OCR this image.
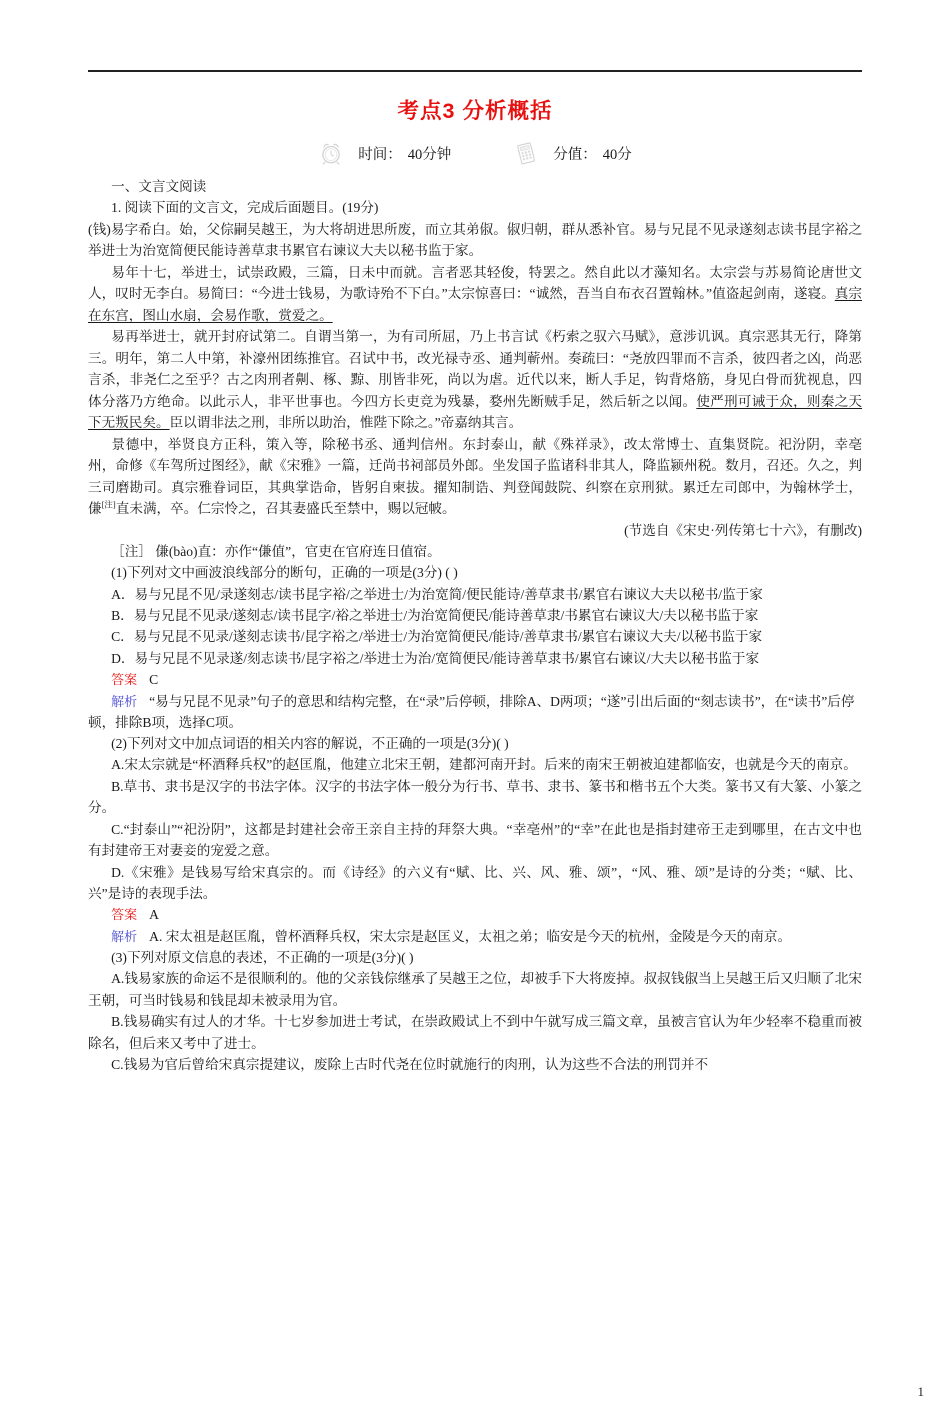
考点3 分析概括
时间： 40分钟	分值： 40分

一、文言文阅读

1. 阅读下面的文言文，完成后面题目。(19分)

(钱)易字希白。始，父倧嗣吴越王，为大将胡进思所废，而立其弟俶。俶归朝，群从悉补官。易与兄昆不见录遂刻志读书昆字裕之举进士为治宽简便民能诗善草隶书累官右谏议大夫以秘书监于家。

易年十七，举进士，试崇政殿，三篇，日未中而就。言者恶其轻俊，特罢之。然自此以才藻知名。太宗尝与苏易简论唐世文人，叹时无李白。易简曰：“今进士钱易，为歌诗殆不下白。”太宗惊喜曰：“诚然，吾当自布衣召置翰林。”值盗起剑南，遂寝。真宗在东宫，图山水扇，会易作歌，赏爱之。

易再举进士，就开封府试第二。自谓当第一，为有司所屈，乃上书言试《朽索之驭六马赋》，意涉讥讽。真宗恶其无行，降第三。明年，第二人中第，补濠州团练推官。召试中书，改光禄寺丞、通判蕲州。奏疏曰：“尧放四罪而不言杀，彼四者之凶，尚恶言杀，非尧仁之至乎？古之肉刑者劓、椓、黥、刖皆非死，尚以为虐。近代以来，断人手足，钩背烙筋，身见白骨而犹视息，四体分落乃方绝命。以此示人，非平世事也。今四方长吏竞为残暴，婺州先断贼手足，然后斩之以闻。使严刑可诫于众，则秦之天下无叛民矣。臣以谓非法之刑，非所以助治，惟陛下除之。”帝嘉纳其言。

景德中，举贤良方正科，策入等，除秘书丞、通判信州。东封泰山，献《殊祥录》，改太常博士、直集贤院。祀汾阴，幸亳州，命修《车驾所过图经》，献《宋雅》一篇，迁尚书祠部员外郎。坐发国子监诸科非其人，降监颍州税。数月，召还。久之，判三司磨勘司。真宗雅眷词臣，其典掌诰命，皆躬自柬拔。擢知制诰、判登闻鼓院、纠察在京刑狱。累迁左司郎中，为翰林学士，傔[注]直未满，卒。仁宗怜之，召其妻盛氏至禁中，赐以冠帔。

(节选自《宋史·列传第七十六》，有删改)

［注］ 傔(bào)直：亦作“傔值”，官吏在官府连日值宿。

(1)下列对文中画波浪线部分的断句，正确的一项是(3分) ( )

A．易与兄昆不见/录遂刻志/读书昆字裕/之举进士/为治宽简/便民能诗/善草隶书/累官右谏议大夫以秘书/监于家

B．易与兄昆不见录/遂刻志/读书昆字/裕之举进士/为治宽简便民/能诗善草隶/书累官右谏议大/夫以秘书监于家

C．易与兄昆不见录/遂刻志读书/昆字裕之/举进士/为治宽简便民/能诗/善草隶书/累官右谏议大夫/以秘书监于家

D．易与兄昆不见录遂/刻志读书/昆字裕之/举进士为治/宽简便民/能诗善草隶书/累官右谏议/大夫以秘书监于家

答案 C

解析 “易与兄昆不见录”句子的意思和结构完整，在“录”后停顿，排除A、D两项；“遂”引出后面的“刻志读书”，在“读书”后停顿，排除B项，选择C项。

(2)下列对文中加点词语的相关内容的解说，不正确的一项是(3分)( )

A.宋太宗就是“杯酒释兵权”的赵匡胤，他建立北宋王朝，建都河南开封。后来的南宋王朝被迫建都临安，也就是今天的南京。

B.草书、隶书是汉字的书法字体。汉字的书法字体一般分为行书、草书、隶书、篆书和楷书五个大类。篆书又有大篆、小篆之分。

C.“封泰山”“祀汾阴”，这都是封建社会帝王亲自主持的拜祭大典。“幸亳州”的“幸”在此也是指封建帝王走到哪里，在古文中也有封建帝王对妻妾的宠爱之意。

D.《宋雅》是钱易写给宋真宗的。而《诗经》的六义有“赋、比、兴、风、雅、颂”，“风、雅、颂”是诗的分类；“赋、比、兴”是诗的表现手法。

答案 A

解析 A. 宋太祖是赵匡胤，曾杯酒释兵权，宋太宗是赵匡义，太祖之弟；临安是今天的杭州，金陵是今天的南京。

(3)下列对原文信息的表述，不正确的一项是(3分)( )

A.钱易家族的命运不是很顺利的。他的父亲钱倧继承了吴越王之位，却被手下大将废掉。叔叔钱俶当上吴越王后又归顺了北宋王朝，可当时钱易和钱昆却未被录用为官。

B.钱易确实有过人的才华。十七岁参加进士考试，在崇政殿试上不到中午就写成三篇文章，虽被言官认为年少轻率不稳重而被除名，但后来又考中了进士。

C.钱易为官后曾给宋真宗提建议，废除上古时代尧在位时就施行的肉刑，认为这些不合法的刑罚并不

1
